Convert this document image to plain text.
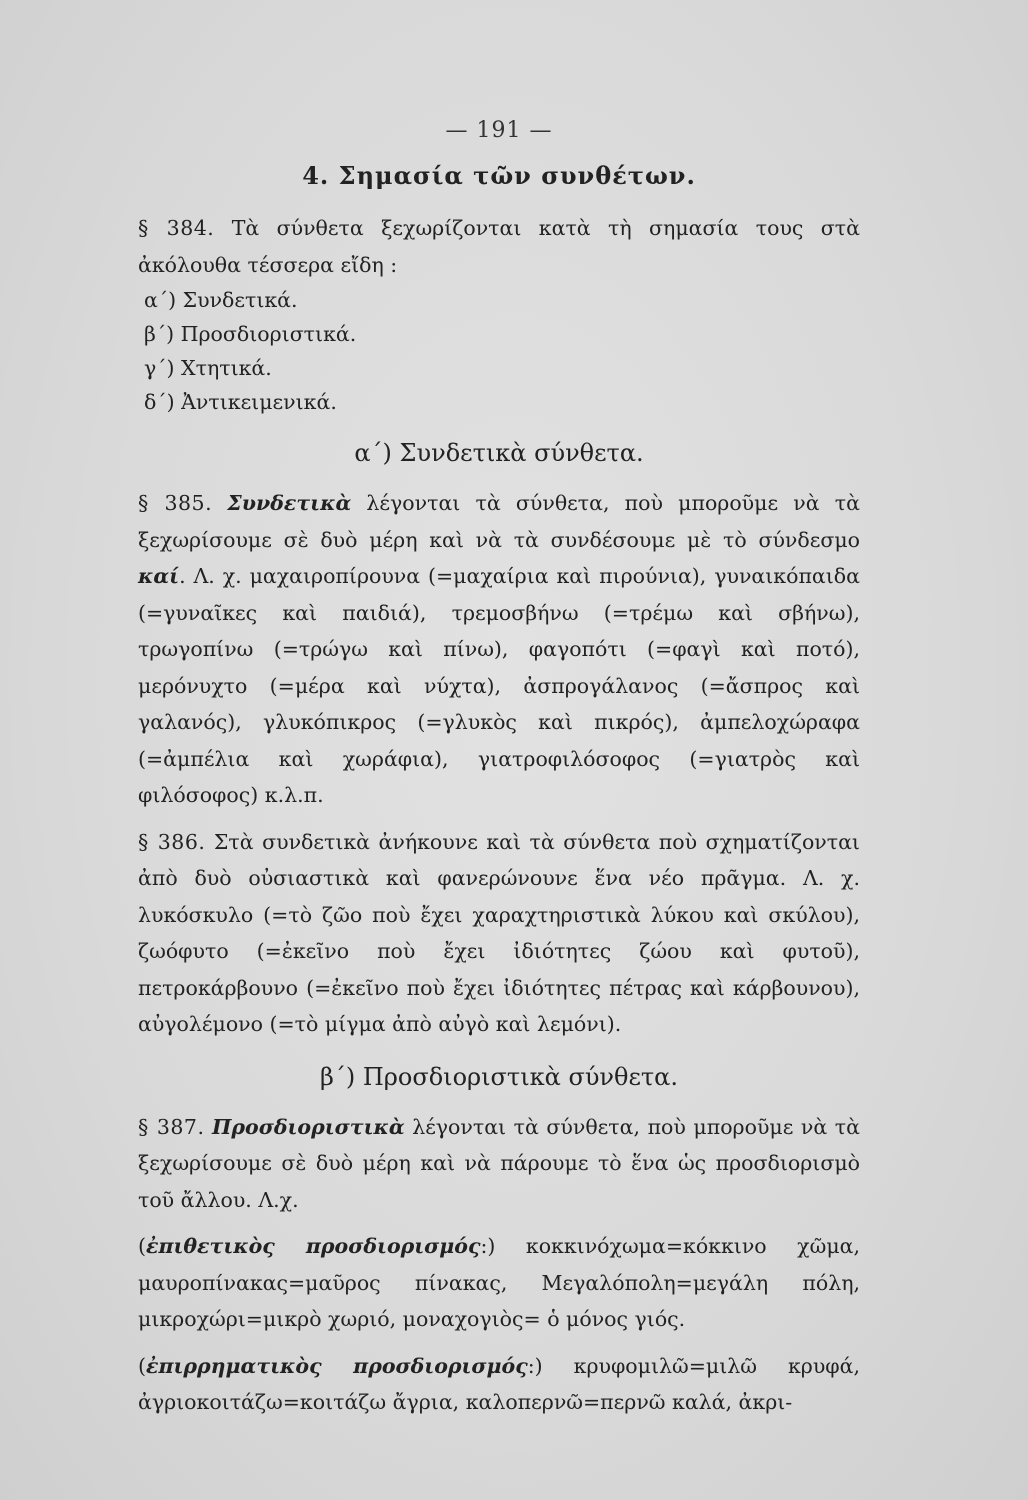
— 191 —
4. Σημασία τῶν συνθέτων.

§ 384. Τὰ σύνθετα ξεχωρίζονται κατὰ τὴ σημασία τους στὰ ἀκόλουθα τέσσερα εἴδη :

α΄) Συνδετικά.
β΄) Προσδιοριστικά.
γ΄) Χτητικά.
δ΄) Ἀντικειμενικά.
α΄) Συνδετικὰ σύνθετα.

§ 385. Συνδετικὰ λέγονται τὰ σύνθετα, ποὺ μποροῦμε νὰ τὰ ξεχωρίσουμε σὲ δυὸ μέρη καὶ νὰ τὰ συνδέσουμε μὲ τὸ σύνδεσμο καί. Λ. χ. μαχαιροπίρουνα (=μαχαίρια καὶ πιρούνια), γυναικόπαιδα (=γυναῖκες καὶ παιδιά), τρεμοσβήνω (=τρέμω καὶ σβήνω), τρωγοπίνω (=τρώγω καὶ πίνω), φαγοπότι (=φαγὶ καὶ ποτό), μερόνυχτο (=μέρα καὶ νύχτα), ἀσπρογάλανος (=ἄσπρος καὶ γαλανός), γλυκόπικρος (=γλυκὸς καὶ πικρός), ἀμπελοχώραφα (=ἀμπέλια καὶ χωράφια), γιατροφιλόσοφος (=γιατρὸς καὶ φιλόσοφος) κ.λ.π.

§ 386. Στὰ συνδετικὰ ἀνήκουνε καὶ τὰ σύνθετα ποὺ σχηματίζονται ἀπὸ δυὸ οὐσιαστικὰ καὶ φανερώνουνε ἕνα νέο πρᾶγμα. Λ. χ. λυκόσκυλο (=τὸ ζῶο ποὺ ἔχει χαραχτηριστικὰ λύκου καὶ σκύλου), ζωόφυτο (=ἐκεῖνο ποὺ ἔχει ἰδιότητες ζώου καὶ φυτοῦ), πετροκάρβουνο (=ἐκεῖνο ποὺ ἔχει ἰδιότητες πέτρας καὶ κάρβουνου), αὐγολέμονο (=τὸ μίγμα ἀπὸ αὐγὸ καὶ λεμόνι).

β΄) Προσδιοριστικὰ σύνθετα.

§ 387. Προσδιοριστικὰ λέγονται τὰ σύνθετα, ποὺ μποροῦμε νὰ τὰ ξεχωρίσουμε σὲ δυὸ μέρη καὶ νὰ πάρουμε τὸ ἕνα ὡς προσδιορισμὸ τοῦ ἄλλου. Λ.χ.

(ἐπιθετικὸς προσδιορισμός:) κοκκινόχωμα=κόκκινο χῶμα, μαυροπίνακας=μαῦρος πίνακας, Μεγαλόπολη=μεγάλη πόλη, μικροχώρι=μικρὸ χωριό, μοναχογιὸς= ὁ μόνος γιός.

(ἐπιρρηματικὸς προσδιορισμός:) κρυφομιλῶ=μιλῶ κρυφά, ἀγριοκοιτάζω=κοιτάζω ἄγρια, καλοπερνῶ=περνῶ καλά, ἀκρι-
